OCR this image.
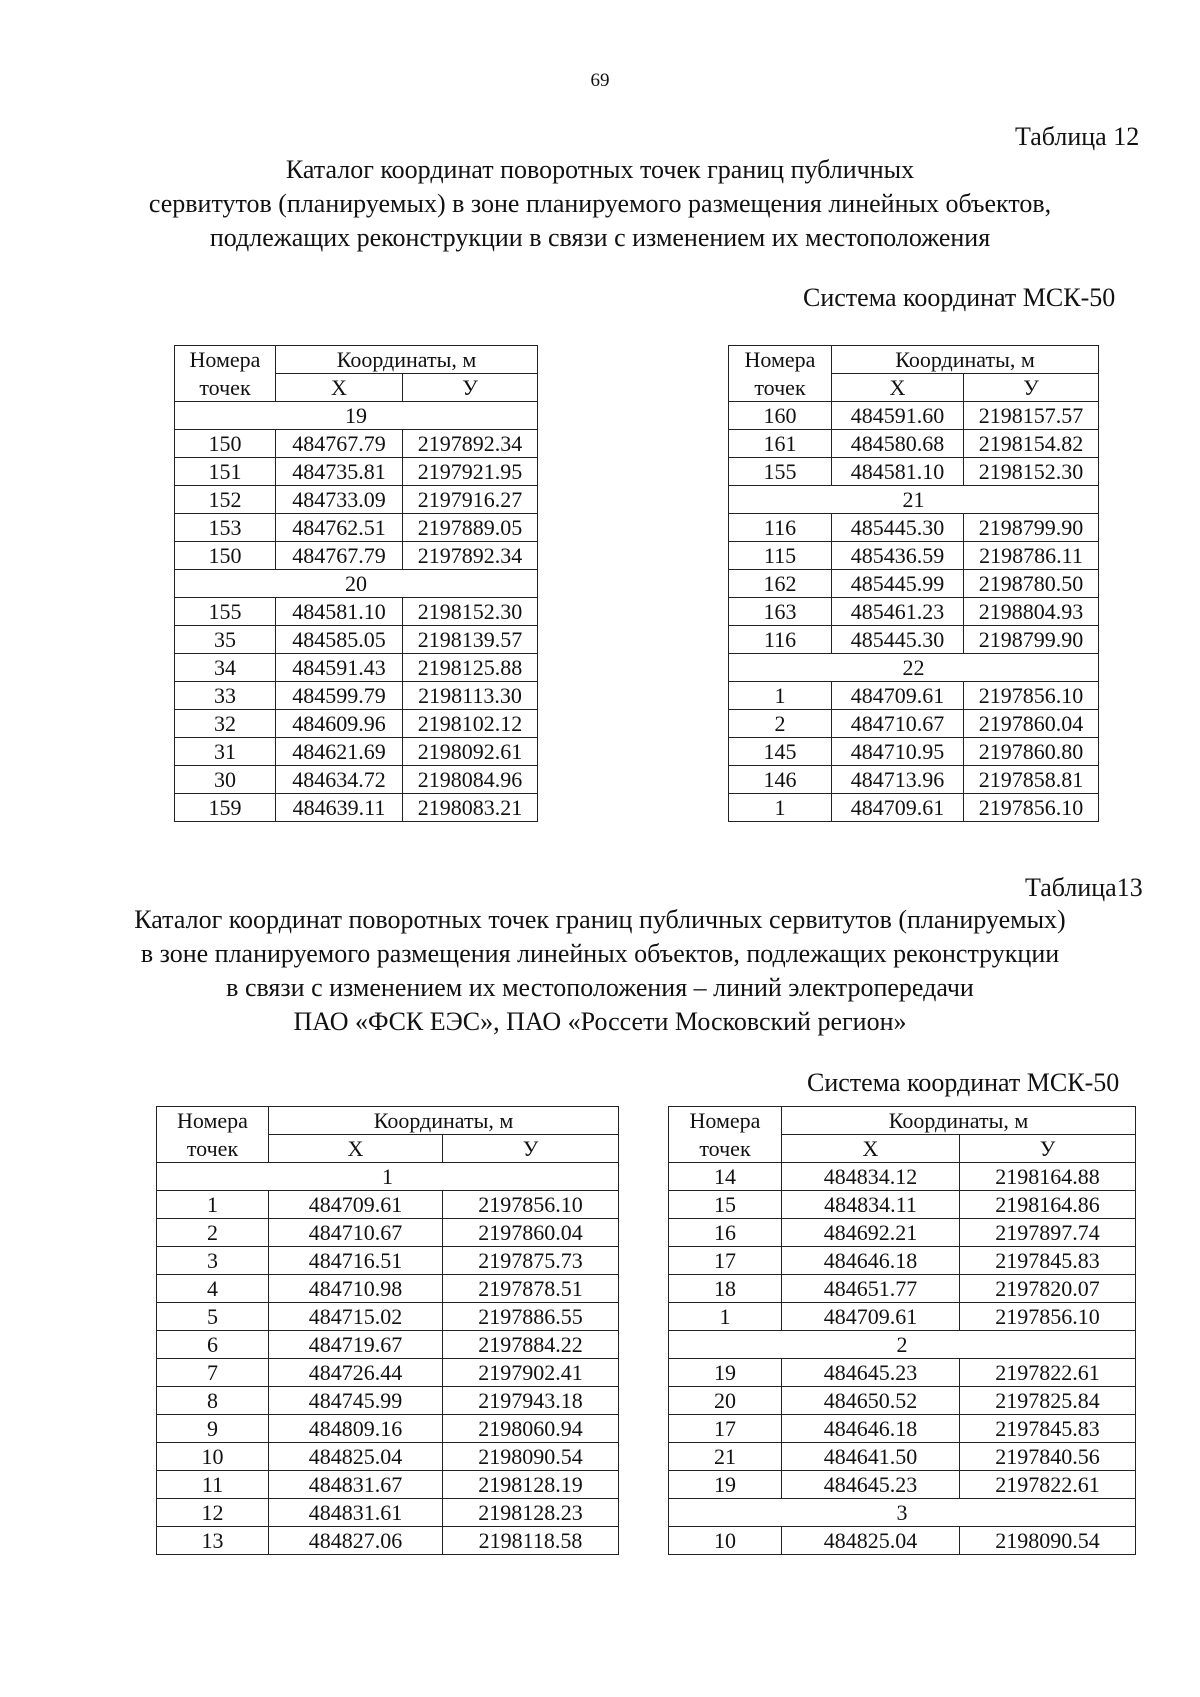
69
Таблица 12
Каталог координат поворотных точек границ публичных
сервитутов (планируемых) в зоне планируемого размещения линейных объектов,
подлежащих реконструкции в связи с изменением их местоположения
Система координат МСК-50
Номера	Координаты, м	
точек	Х	У
19		
150	484767.79	2197892.34
151	484735.81	2197921.95
152	484733.09	2197916.27
153	484762.51	2197889.05
150	484767.79	2197892.34
20		
155	484581.10	2198152.30
35	484585.05	2198139.57
34	484591.43	2198125.88
33	484599.79	2198113.30
32	484609.96	2198102.12
31	484621.69	2198092.61
30	484634.72	2198084.96
159	484639.11	2198083.21
Номера	Координаты, м	
точек	Х	У
160	484591.60	2198157.57
161	484580.68	2198154.82
155	484581.10	2198152.30
21		
116	485445.30	2198799.90
115	485436.59	2198786.11
162	485445.99	2198780.50
163	485461.23	2198804.93
116	485445.30	2198799.90
22		
1	484709.61	2197856.10
2	484710.67	2197860.04
145	484710.95	2197860.80
146	484713.96	2197858.81
1	484709.61	2197856.10
Таблица13
Каталог координат поворотных точек границ публичных сервитутов (планируемых)
в зоне планируемого размещения линейных объектов, подлежащих реконструкции
в связи с изменением их местоположения – линий электропередачи
ПАО «ФСК ЕЭС», ПАО «Россети Московский регион»
Система координат МСК-50
Номера	Координаты, м	
точек	Х	У
1		
1	484709.61	2197856.10
2	484710.67	2197860.04
3	484716.51	2197875.73
4	484710.98	2197878.51
5	484715.02	2197886.55
6	484719.67	2197884.22
7	484726.44	2197902.41
8	484745.99	2197943.18
9	484809.16	2198060.94
10	484825.04	2198090.54
11	484831.67	2198128.19
12	484831.61	2198128.23
13	484827.06	2198118.58
Номера	Координаты, м	
точек	Х	У
14	484834.12	2198164.88
15	484834.11	2198164.86
16	484692.21	2197897.74
17	484646.18	2197845.83
18	484651.77	2197820.07
1	484709.61	2197856.10
2		
19	484645.23	2197822.61
20	484650.52	2197825.84
17	484646.18	2197845.83
21	484641.50	2197840.56
19	484645.23	2197822.61
3		
10	484825.04	2198090.54
